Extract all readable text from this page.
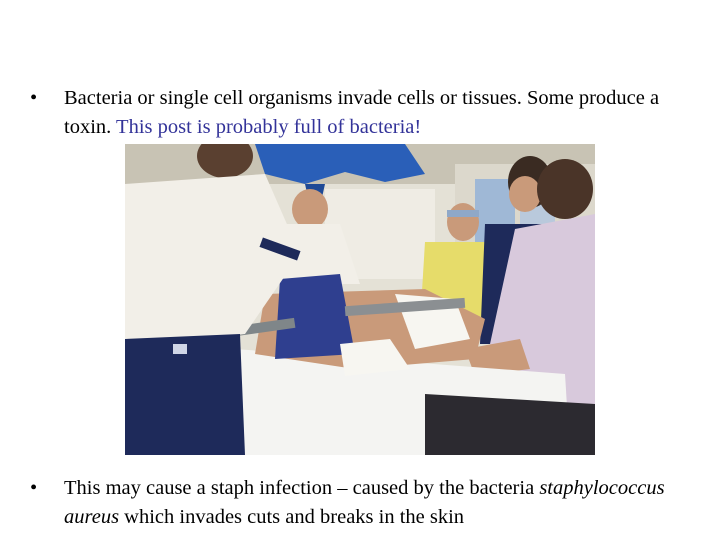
•	Bacteria or single cell organisms invade cells or tissues. Some produce a toxin. This post is probably full of bacteria!
•	This may cause a staph infection – caused by the bacteria staphylococcus aureus which invades cuts and breaks in the skin
